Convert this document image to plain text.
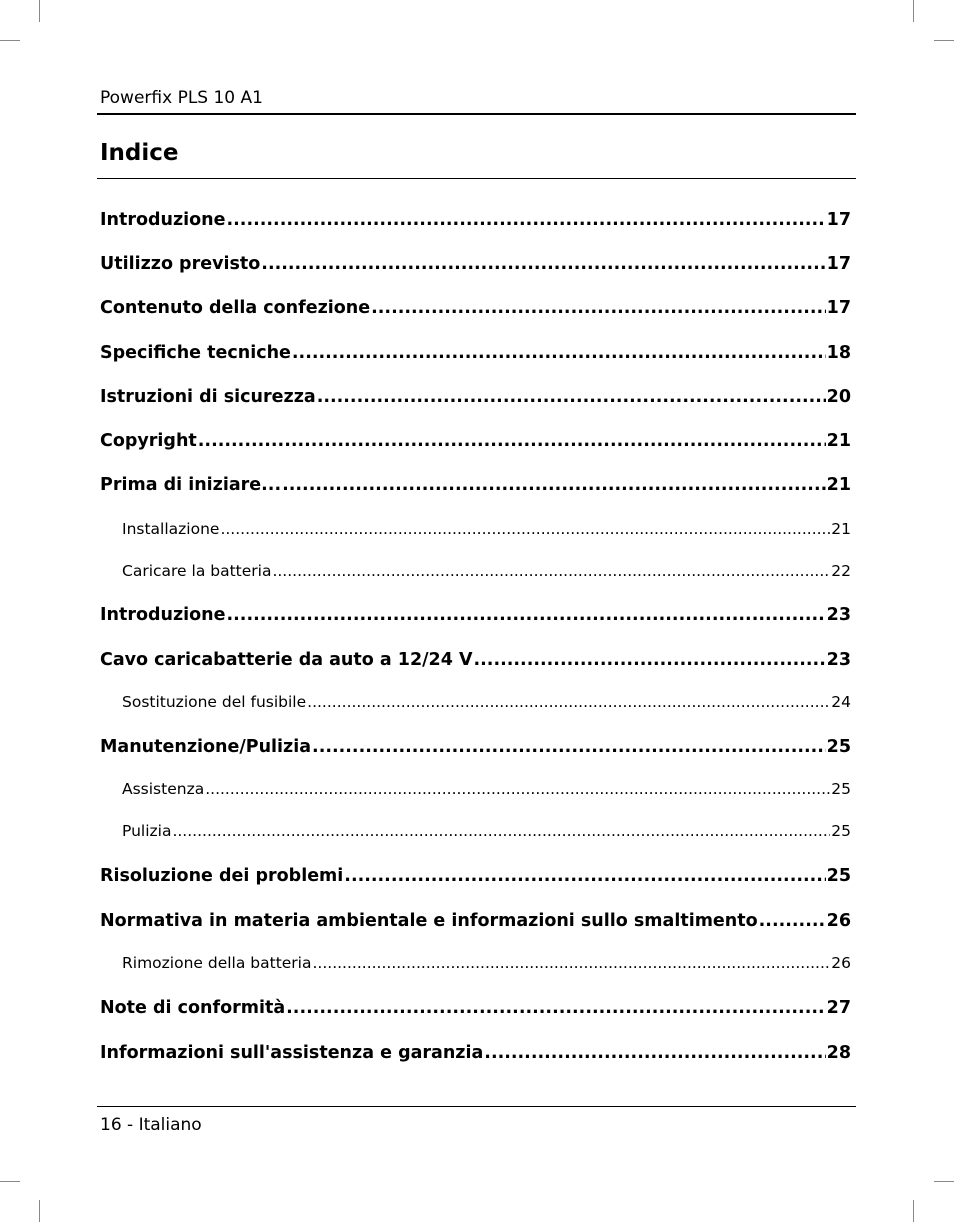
Powerfix PLS 10 A1
Indice
Introduzione .....	17
Utilizzo previsto .....	17
Contenuto della confezione .....	17
Specifiche tecniche .....	18
Istruzioni di sicurezza .....	20
Copyright .....	21
Prima di iniziare... .....	21
Installazione .....	21
Caricare la batteria .....	22
Introduzione .....	23
Cavo caricabatterie da auto a 12/24 V .....	23
Sostituzione del fusibile .....	24
Manutenzione/Pulizia .....	25
Assistenza .....	25
Pulizia .....	25
Risoluzione dei problemi .....	25
Normativa in materia ambientale e informazioni sullo smaltimento .....	26
Rimozione della batteria .....	26
Note di conformità .....	27
Informazioni sull'assistenza e garanzia .....	28
16 - Italiano
